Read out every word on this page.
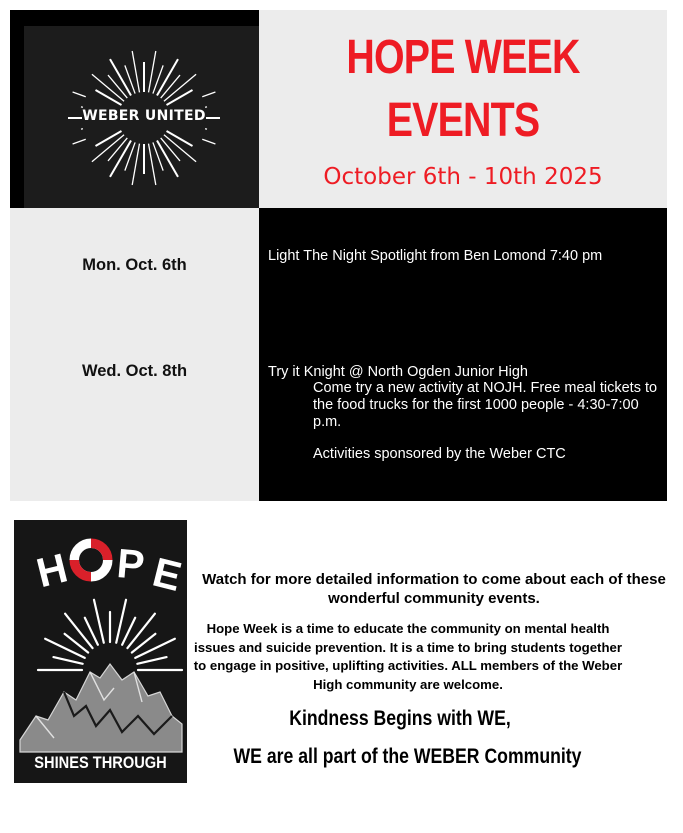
WEBER UNITED
HOPE WEEK
EVENTS
October 6th - 10th 2025
Mon. Oct. 6th
Wed. Oct. 8th
Light The Night Spotlight from Ben Lomond 7:40 pm
Try it Knight @ North Ogden Junior High
Come try a new activity at NOJH. Free meal tickets to the food trucks for the first 1000 people - 4:30-7:00 p.m.
Activities sponsored by the Weber CTC
H P E
SHINES THROUGH
Watch for more detailed information to come about each of these wonderful community events.
Hope Week is a time to educate the community on mental health issues and suicide prevention. It is a time to bring students together to engage in positive, uplifting activities. ALL members of the Weber High community are welcome.
Kindness Begins with WE,
WE are all part of the WEBER Community
